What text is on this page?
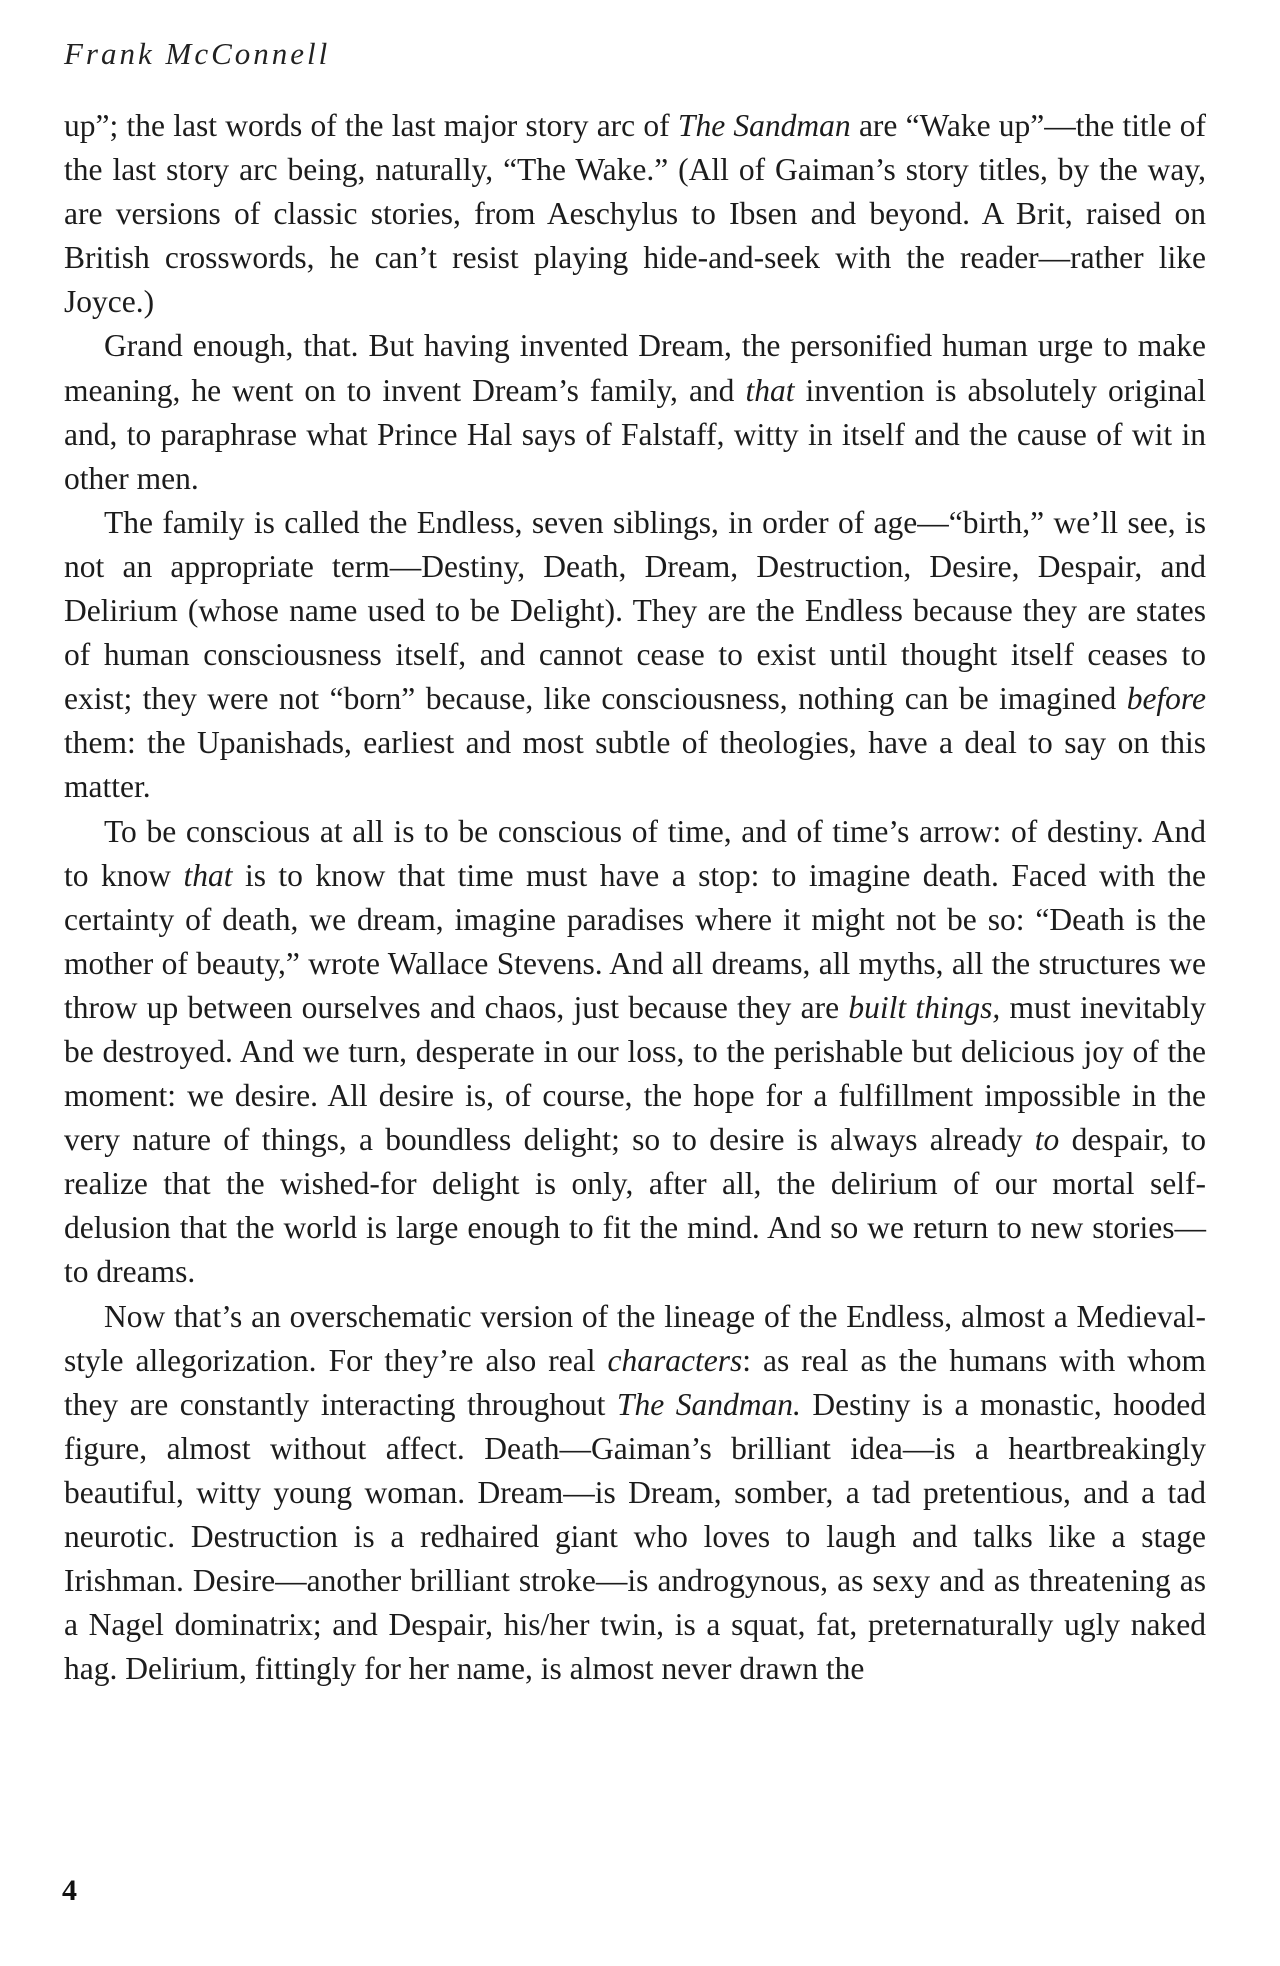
Frank McConnell

up”; the last words of the last major story arc of The Sandman are “Wake up”—the title of the last story arc being, naturally, “The Wake.” (All of Gaiman’s story titles, by the way, are versions of classic stories, from Aeschylus to Ibsen and beyond. A Brit, raised on British crosswords, he can’t resist playing hide-and-seek with the reader—rather like Joyce.)

Grand enough, that. But having invented Dream, the personified human urge to make meaning, he went on to invent Dream’s family, and that invention is absolutely original and, to paraphrase what Prince Hal says of Falstaff, witty in itself and the cause of wit in other men.

The family is called the Endless, seven siblings, in order of age—“birth,” we’ll see, is not an appropriate term—Destiny, Death, Dream, Destruction, Desire, Despair, and Delirium (whose name used to be Delight). They are the Endless because they are states of human consciousness itself, and cannot cease to exist until thought itself ceases to exist; they were not “born” because, like consciousness, nothing can be imagined before them: the Upanishads, earliest and most subtle of theologies, have a deal to say on this matter.

To be conscious at all is to be conscious of time, and of time’s arrow: of destiny. And to know that is to know that time must have a stop: to imagine death. Faced with the certainty of death, we dream, imagine paradises where it might not be so: “Death is the mother of beauty,” wrote Wallace Stevens. And all dreams, all myths, all the structures we throw up between ourselves and chaos, just because they are built things, must inevitably be destroyed. And we turn, desperate in our loss, to the perishable but delicious joy of the moment: we desire. All desire is, of course, the hope for a fulfillment impossible in the very nature of things, a boundless delight; so to desire is always already to despair, to realize that the wished-for delight is only, after all, the delirium of our mortal self-delusion that the world is large enough to fit the mind. And so we return to new stories—to dreams.

Now that’s an overschematic version of the lineage of the Endless, almost a Medieval-style allegorization. For they’re also real characters: as real as the humans with whom they are constantly interacting throughout The Sandman. Destiny is a monastic, hooded figure, almost without affect. Death—Gaiman’s brilliant idea—is a heartbreakingly beautiful, witty young woman. Dream—is Dream, somber, a tad pretentious, and a tad neurotic. Destruction is a redhaired giant who loves to laugh and talks like a stage Irishman. Desire—another brilliant stroke—is androgynous, as sexy and as threatening as a Nagel dominatrix; and Despair, his/her twin, is a squat, fat, preternaturally ugly naked hag. Delirium, fittingly for her name, is almost never drawn the

4
